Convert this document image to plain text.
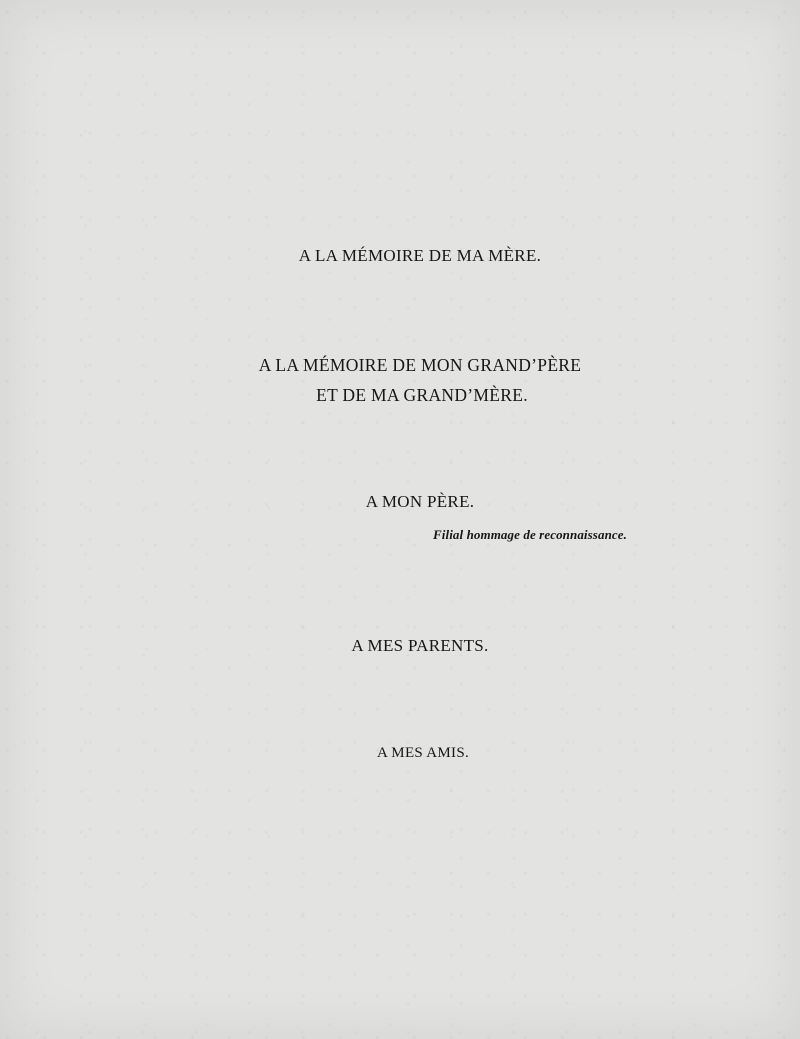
A LA MÉMOIRE DE MA MÈRE.
A LA MÉMOIRE DE MON GRAND’PÈRE
ET DE MA GRAND’MÈRE.
A MON PÈRE.
Filial hommage de reconnaissance.
A MES PARENTS.
A MES AMIS.
